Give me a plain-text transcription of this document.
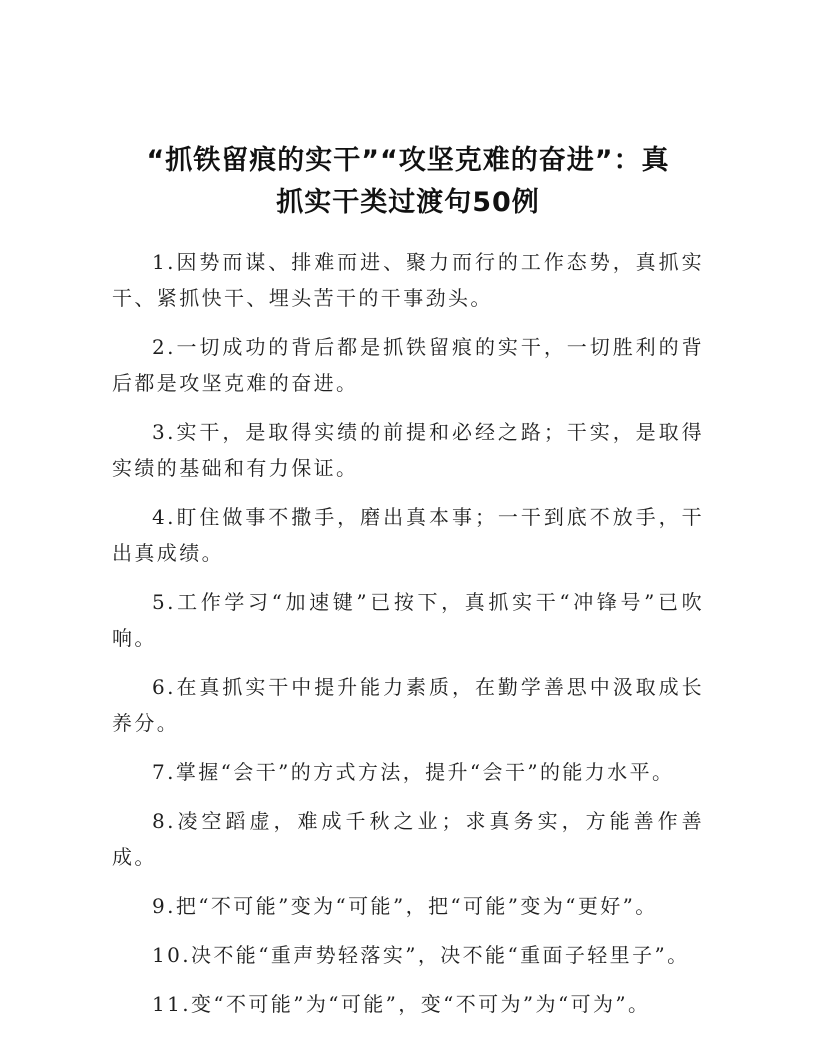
“抓铁留痕的实干”“攻坚克难的奋进”：真
抓实干类过渡句50例

1.因势而谋、排难而进、聚力而行的工作态势，真抓实干、紧抓快干、埋头苦干的干事劲头。

2.一切成功的背后都是抓铁留痕的实干，一切胜利的背后都是攻坚克难的奋进。

3.实干，是取得实绩的前提和必经之路；干实，是取得实绩的基础和有力保证。

4.盯住做事不撒手，磨出真本事；一干到底不放手，干出真成绩。

5.工作学习“加速键”已按下，真抓实干“冲锋号”已吹响。

6.在真抓实干中提升能力素质，在勤学善思中汲取成长养分。

7.掌握“会干”的方式方法，提升“会干”的能力水平。

8.凌空蹈虚，难成千秋之业；求真务实，方能善作善成。

9.把“不可能”变为“可能”，把“可能”变为“更好”。

10.决不能“重声势轻落实”，决不能“重面子轻里子”。

11.变“不可能”为“可能”，变“不可为”为“可为”。
